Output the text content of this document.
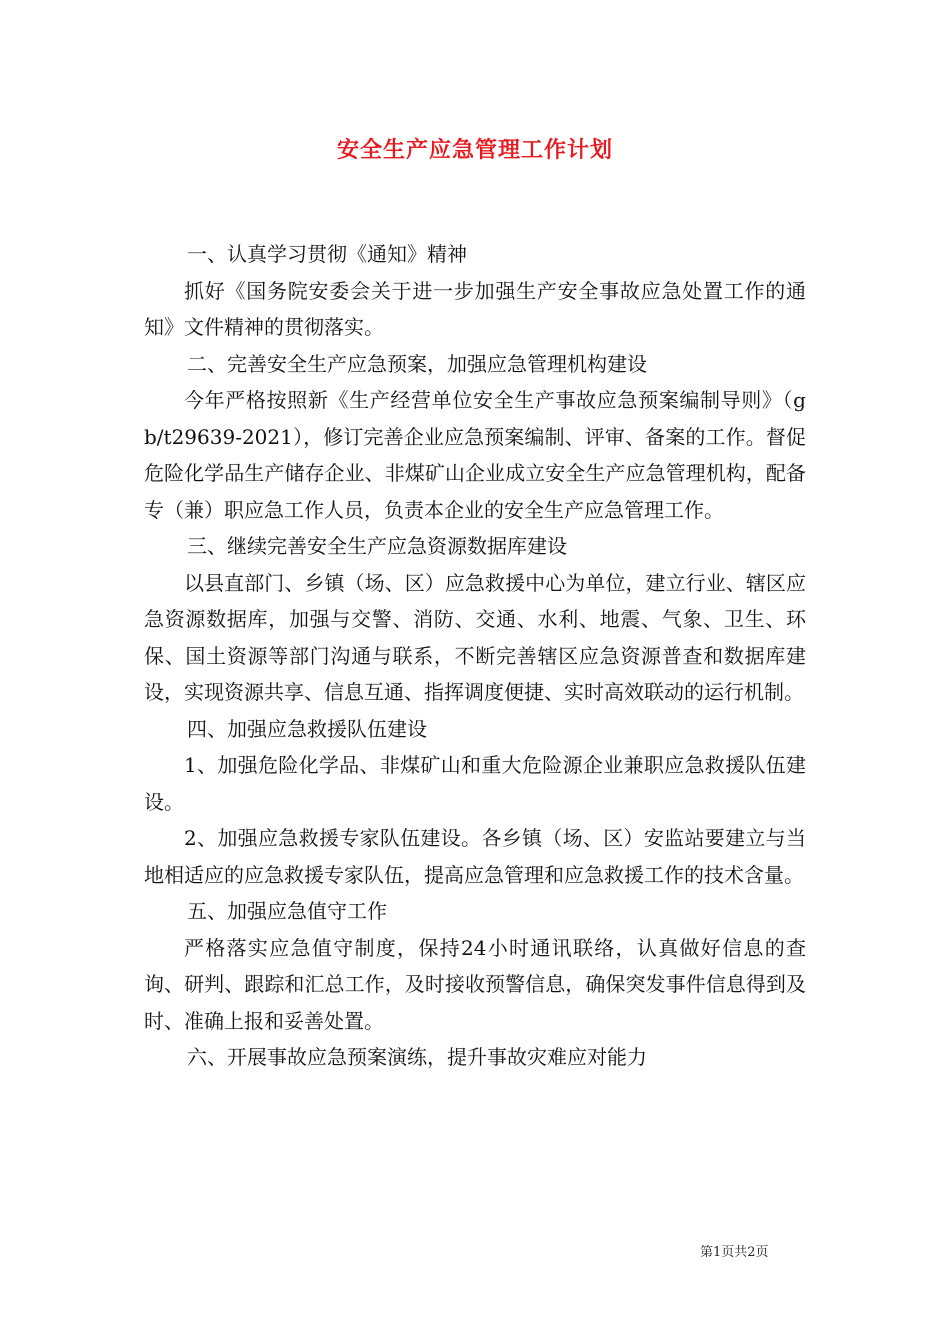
安全生产应急管理工作计划

一、认真学习贯彻《通知》精神

抓好《国务院安委会关于进一步加强生产安全事故应急处置工作的通知》文件精神的贯彻落实。

二、完善安全生产应急预案，加强应急管理机构建设

今年严格按照新《生产经营单位安全生产事故应急预案编制导则》（gb/t29639-2021），修订完善企业应急预案编制、评审、备案的工作。督促危险化学品生产储存企业、非煤矿山企业成立安全生产应急管理机构，配备专（兼）职应急工作人员，负责本企业的安全生产应急管理工作。

三、继续完善安全生产应急资源数据库建设

以县直部门、乡镇（场、区）应急救援中心为单位，建立行业、辖区应急资源数据库，加强与交警、消防、交通、水利、地震、气象、卫生、环保、国土资源等部门沟通与联系，不断完善辖区应急资源普查和数据库建设，实现资源共享、信息互通、指挥调度便捷、实时高效联动的运行机制。

四、加强应急救援队伍建设

1、加强危险化学品、非煤矿山和重大危险源企业兼职应急救援队伍建设。

2、加强应急救援专家队伍建设。各乡镇（场、区）安监站要建立与当地相适应的应急救援专家队伍，提高应急管理和应急救援工作的技术含量。

五、加强应急值守工作

严格落实应急值守制度，保持24小时通讯联络，认真做好信息的查询、研判、跟踪和汇总工作，及时接收预警信息，确保突发事件信息得到及时、准确上报和妥善处置。

六、开展事故应急预案演练，提升事故灾难应对能力

第1页共2页
